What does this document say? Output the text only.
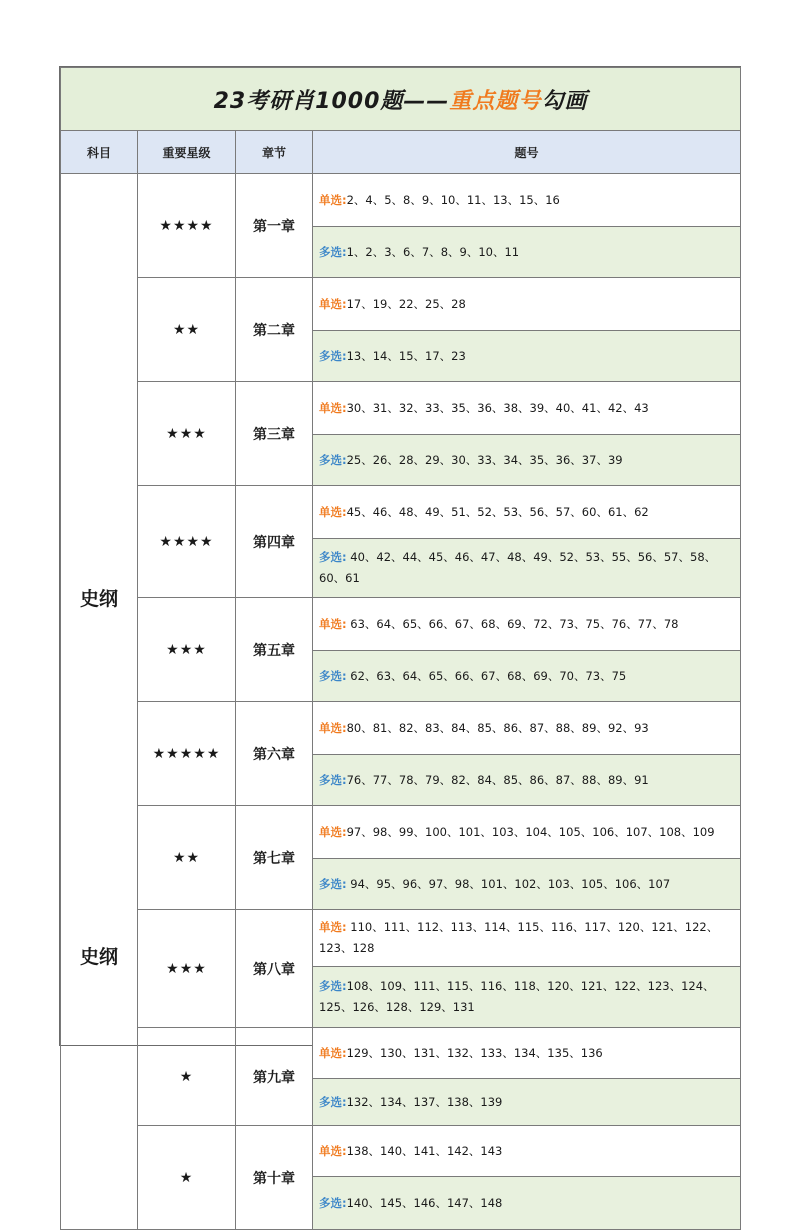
23考研肖1000题——重点题号勾画			
科目	重要星级	章节	题号

史纲
史纲	★★★★	第一章	单选:2、4、5、8、9、10、11、13、15、16
			多选:1、2、3、6、7、8、9、10、11
	★★	第二章	单选:17、19、22、25、28
			多选:13、14、15、17、23
	★★★	第三章	单选:30、31、32、33、35、36、38、39、40、41、42、43
			多选:25、26、28、29、30、33、34、35、36、37、39
	★★★★	第四章	单选:45、46、48、49、51、52、53、56、57、60、61、62
			多选: 40、42、44、45、46、47、48、49、52、53、55、56、57、58、60、61
	★★★	第五章	单选: 63、64、65、66、67、68、69、72、73、75、76、77、78
			多选: 62、63、64、65、66、67、68、69、70、73、75
	★★★★★	第六章	单选:80、81、82、83、84、85、86、87、88、89、92、93
			多选:76、77、78、79、82、84、85、86、87、88、89、91
	★★	第七章	单选:97、98、99、100、101、103、104、105、106、107、108、109
			多选: 94、95、96、97、98、101、102、103、105、106、107
	★★★	第八章	单选: 110、111、112、113、114、115、116、117、120、121、122、123、128
			多选:108、109、111、115、116、118、120、121、122、123、124、125、126、128、129、131
	★	第九章	单选:129、130、131、132、133、134、135、136
			多选:132、134、137、138、139
	★	第十章	单选:138、140、141、142、143
			多选:140、145、146、147、148
